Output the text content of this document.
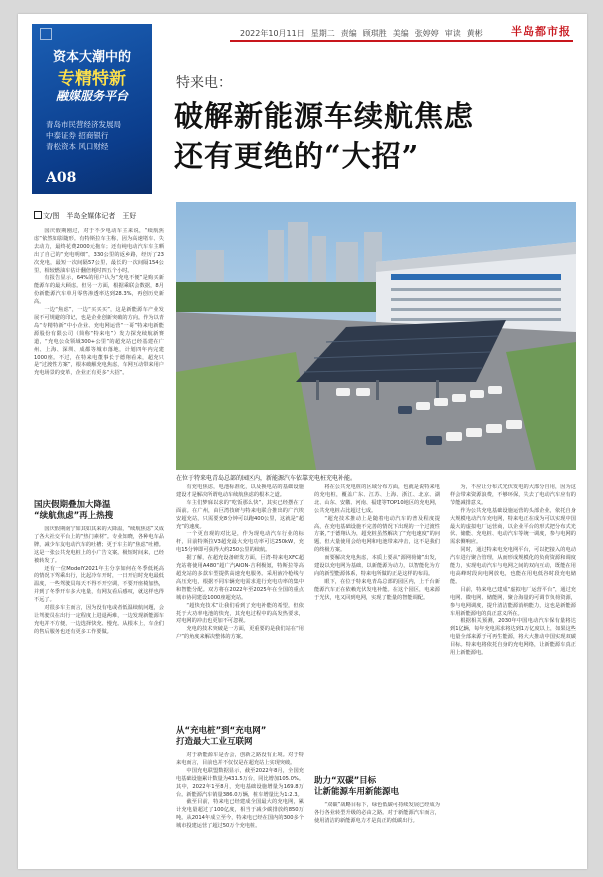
资本大潮中的
专精特新
融媒服务平台
青岛市民营经济发展局
中泰证券 招商银行
青松资本 风口财经
A08
2022年10月11日 星期二 责编 顾琪胜 美编 张婷婷 审读 黄彬	半岛都市报
文/图　半岛全媒体记者　王好
特来电：
破解新能源车续航焦虑
还有更绝的“大招”
在位于特来电青岛总部的园区内，新能源汽车依靠充电桩充电补能。

国庆假期刚过，对于不少电动车主来说，“续航焦虑”依然如影随形。有特斯拉车主称，因为高速堵车、失去动力，最终花费2000元拖车；还有纯电动汽车车主晒出了自己的“充电明细”，330公里的返乡路，经历了23次充电，最短一次间隔57公里，最长的一次间隔154公里，相较燃油车估计翻倍耗时四五个小时。

有报告显示，64%的用户认为“充电不便”是购买新能源车的最大顾虑。但另一方面，根据乘联会数据，8月份新能源汽车单月零售渗透率达到28.3%，再创历史新高。

一边“焦虑”，一边“买买买”，这是新能源车产业发展不可规避的印记，也是企业创新突破的方向。作为以青岛“专精特新”中小企业、充电网运营“一哥”特来电新能源股份有限公司（简称“特来电”）发力探充续航新赛道，“充电公众领域300+公里”的超充站已经基建在广州、上海、深圳、成都等城市落地，计划四年内完建1000座。不过，在特来电董事长于德翔看来，超充只是“过渡性方案”，根本破解充电焦虑，车网互动带来用户充电场景的变革，企业正有更多“大招”。

国庆假期叠加大降温
“续航焦虑”再上热搜

国庆假期南宁如其如其来的大降温，“续航焦虑”又成了各大社交平台上的“热门素材”。专业知晓，各种电车品牌，减少车友电动汽车的吐槽；更于车主的“焦虑”吐槽。这是一张公共充电桩上的小广告文案。极短时间来，已经被转发了。

还有一位ModelY2021年主分享如何在冬季低耗高的情况下驾乘出行，比起冷车开时，一日开启时充电最低温度，一些驾驶员每天不得不开空调，不要开座椅加热，并到了冬季开车多大电量，有网友看后感叹，就这样也得不远了。

对很多车主而言，因为没有电或者低温续航问题，会让驾驶员在出行一定程度上进退两难，一边发现新能源车充电并不方便，一边选择快充、慢充。从根本上，车企们的售后服务也还有更多工作要做。

有充电焦虑，电池标准化，以及换电站的基础设施建设才是解决所谓电动车续航焦虑的根本之道。

车主们梦寐以求的“吃饭那么快”，其实已经摆在了面前。在广州，由巨湾技研与特来电联合推出的广汽埃安超充站，只需要充8分钟可以跑400公里，这就是“超充”的速度。

一个更直观的对比是，作为现电动汽车行业的标杆，目前特斯拉V3超充最大充电功率可达250kW，充电15分钟即可获得大约250公里的续航。

据了解，在超充设备研发方面，巨湾-特来电XFC超充站将使用A480“超广汽AION-吉利极氪，特斯拉等高超充站的多款车型提供高速充电服务。采用液冷枪线与高压充电，根据不同车辆充电需求进行充电功率的集中和智能分配。双方将在2022年至2025年在全国的重点城市协同建设1000座超充站。

“超快充技术”让我们看到了充电补能的希望，但依托于大功率电池的快充，其充电过程中的高发热要求，对电网的冲击也更加不可忽视。

充电的技术突破是一方面，更重要的是我们站在“用户”的角度来解决整体的方案。

从“充电桩”到“充电网”
打造最大工业互联网

对于新能源车是否会，创新之路没有止境。对于特来电而言，目前也并不仅仅是在超充站上实现突破。

中国充电联盟数据显示，截至2022年8月，全国充电基础设施累计数量为431.5万台，同比增加105.0%。其中，2022年1至8月，充电基础设施增量为169.8万台。新能源汽车销量386.0万辆，桩车增量比为1:2.3。

截至目前，特来电已经建成全国最大的充电网，累计充电量超过了100亿度，相当于减少碳排放约850万吨。从2014年成立至今，特来电已经在国内的300多个城市投建运营了超过50万个充电桩。

将在公共充电桩的区域分布方面，也就是说特来电的充电桩，覆盖广东、江苏、上海、浙江、北京、湖北、山东、安徽、河南、福建等TOP10地区的充电网，公共充电桩占比超过七成。

“超充技术推动上是随着电动汽车的普及程度提高，在充电基础设施不完善的情况下出现的一个过渡性方案，”于德翔认为，超充桩虽然解决了“充电速度”的问题，但大量使用会给电网和电池带来冲击，这不是我们的终极方案。

而要解决充电焦虑，本质上要从“源网荷储”出发，建设以充电网为基础，以新能源为动力，以智能化为方向的新型能源体系，特来电所做的正是这样的布局。

眼下，在位于特来电青岛总部的园区内，上千台新能源汽车正在依赖光伏发电补能。在这个园区，电来源于光伏，电又回到电网，实现了能量的智能调配。

助力“双碳”目标
让新能源车用新能源电

“双碳”战略目标下，绿色低碳可持续发展已经成为各行各业转型升级的必由之路。对于新能源汽车而言，使用清洁的新能源电力才是真正的低碳出行。

为，不应让分布式光伏发电的大部分自用，因为这样会带来资源浪费，不够环保，失去了电动汽车应有的节能减排意义。

作为公共充电基础设施运营的头部企业，依托自身大规模电动汽车充电网，特来电正在成为可以实现中国最大的虚拟电厂运营商，以企业平台的形式把分布式光伏、储能、充电桩、电动汽车等统一调度，参与电网的需求侧响应。

同时，通过特来电充电网平台，可以把接入的电动汽车进行聚合管理，从而形成规模化的负荷资源和调度能力，实现电动汽车与电网之间的双向互动，既能在用电高峰时段向电网放电，也能在用电低谷时段充电储能。

目前，特来电已建成“虚拟电厂运营平台”，通过充电网、微电网、储能网，聚合海量的可调节负荷资源，参与电网调度，提升清洁能源消纳能力，这也是新能源车用新能源电的真正意义所在。

根据相关预测，2030年中国电动汽车保有量将达到1亿辆，每年充电需求将达到1万亿度以上，如果这些电量全部来源于可再生能源，将大大推动中国实现双碳目标。特来电将依托自身的充电网络，让新能源车真正用上新能源电。
